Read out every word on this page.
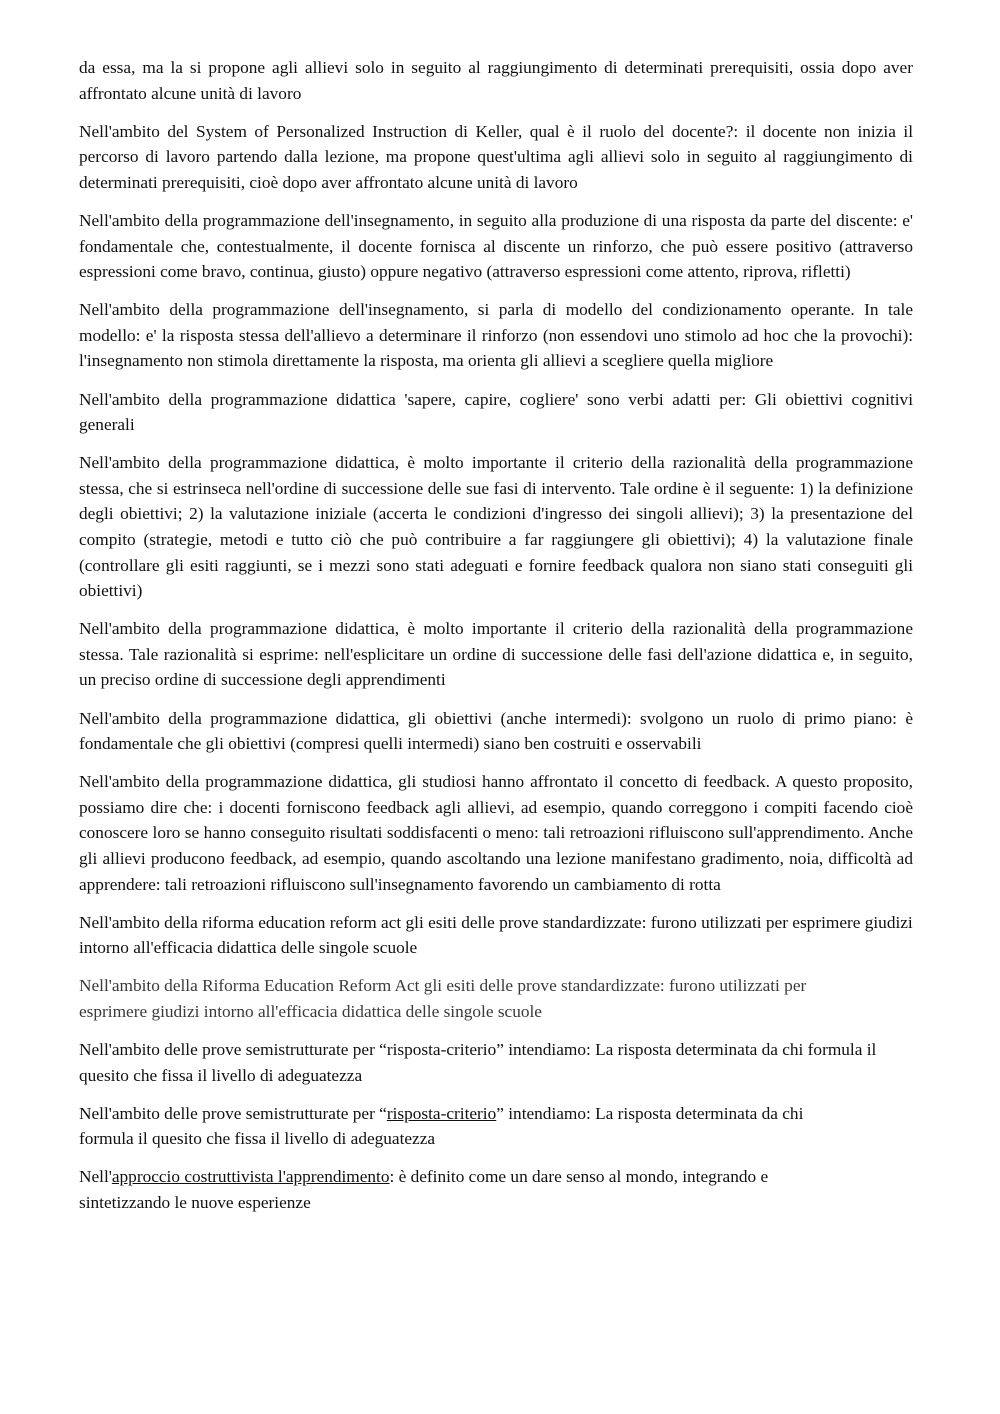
da essa, ma la si propone agli allievi solo in seguito al raggiungimento di determinati prerequisiti, ossia dopo aver affrontato alcune unità di lavoro

Nell'ambito del System of Personalized Instruction di Keller, qual è il ruolo del docente?: il docente non inizia il percorso di lavoro partendo dalla lezione, ma propone quest'ultima agli allievi solo in seguito al raggiungimento di determinati prerequisiti, cioè dopo aver affrontato alcune unità di lavoro

Nell'ambito della programmazione dell'insegnamento, in seguito alla produzione di una risposta da parte del discente: e' fondamentale che, contestualmente, il docente fornisca al discente un rinforzo, che può essere positivo (attraverso espressioni come bravo, continua, giusto) oppure negativo (attraverso espressioni come attento, riprova, rifletti)

Nell'ambito della programmazione dell'insegnamento, si parla di modello del condizionamento operante. In tale modello: e' la risposta stessa dell'allievo a determinare il rinforzo (non essendovi uno stimolo ad hoc che la provochi): l'insegnamento non stimola direttamente la risposta, ma orienta gli allievi a scegliere quella migliore

Nell'ambito della programmazione didattica 'sapere, capire, cogliere' sono verbi adatti per: Gli obiettivi cognitivi generali

Nell'ambito della programmazione didattica, è molto importante il criterio della razionalità della programmazione stessa, che si estrinseca nell'ordine di successione delle sue fasi di intervento. Tale ordine è il seguente: 1) la definizione degli obiettivi; 2) la valutazione iniziale (accerta le condizioni d'ingresso dei singoli allievi); 3) la presentazione del compito (strategie, metodi e tutto ciò che può contribuire a far raggiungere gli obiettivi); 4) la valutazione finale (controllare gli esiti raggiunti, se i mezzi sono stati adeguati e fornire feedback qualora non siano stati conseguiti gli obiettivi)

Nell'ambito della programmazione didattica, è molto importante il criterio della razionalità della programmazione stessa. Tale razionalità si esprime: nell'esplicitare un ordine di successione delle fasi dell'azione didattica e, in seguito, un preciso ordine di successione degli apprendimenti

Nell'ambito della programmazione didattica, gli obiettivi (anche intermedi): svolgono un ruolo di primo piano: è fondamentale che gli obiettivi (compresi quelli intermedi) siano ben costruiti e osservabili

Nell'ambito della programmazione didattica, gli studiosi hanno affrontato il concetto di feedback. A questo proposito, possiamo dire che: i docenti forniscono feedback agli allievi, ad esempio, quando correggono i compiti facendo cioè conoscere loro se hanno conseguito risultati soddisfacenti o meno: tali retroazioni rifluiscono sull'apprendimento. Anche gli allievi producono feedback, ad esempio, quando ascoltando una lezione manifestano gradimento, noia, difficoltà ad apprendere: tali retroazioni rifluiscono sull'insegnamento favorendo un cambiamento di rotta

Nell'ambito della riforma education reform act gli esiti delle prove standardizzate: furono utilizzati per esprimere giudizi intorno all'efficacia didattica delle singole scuole

Nell'ambito della Riforma Education Reform Act gli esiti delle prove standardizzate: furono utilizzati per esprimere giudizi intorno all'efficacia didattica delle singole scuole

Nell'ambito delle prove semistrutturate per “risposta-criterio” intendiamo: La risposta determinata da chi formula il quesito che fissa il livello di adeguatezza

Nell'ambito delle prove semistrutturate per “risposta-criterio” intendiamo: La risposta determinata da chi formula il quesito che fissa il livello di adeguatezza

Nell'approccio costruttivista l'apprendimento: è definito come un dare senso al mondo, integrando e sintetizzando le nuove esperienze
